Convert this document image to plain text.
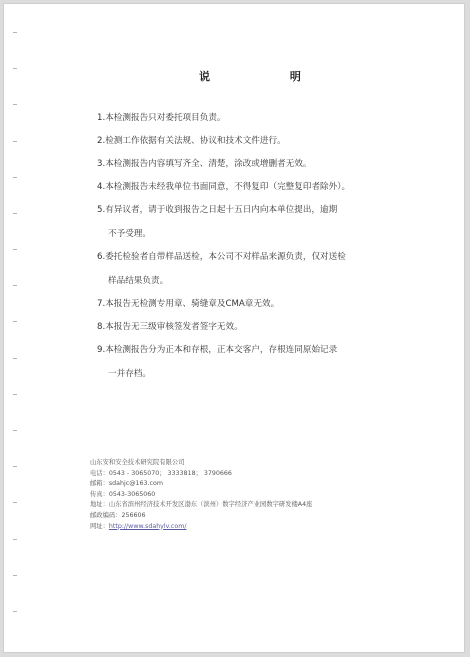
说 明
1.本检测报告只对委托项目负责。
2.检测工作依据有关法规、协议和技术文件进行。
3.本检测报告内容填写齐全、清楚，涂改或增删者无效。
4.本检测报告未经我单位书面同意，不得复印（完整复印者除外）。
5.有异议者，请于收到报告之日起十五日内向本单位提出，逾期
不予受理。
6.委托检验者自带样品送检，本公司不对样品来源负责，仅对送检
样品结果负责。
7.本报告无检测专用章、骑缝章及CMA章无效。
8.本报告无三级审核签发者签字无效。
9.本检测报告分为正本和存根，正本交客户，存根连同原始记录
一并存档。
山东安和安全技术研究院有限公司
电话：0543 - 3065070； 3333818； 3790666
邮箱：sdahjc@163.com
传真：0543-3065060
地址：山东省滨州经济技术开发区渤东（滨州）数字经济产业园数字研发楼A4座
邮政编码：256606
网址：http://www.sdahylv.com/
